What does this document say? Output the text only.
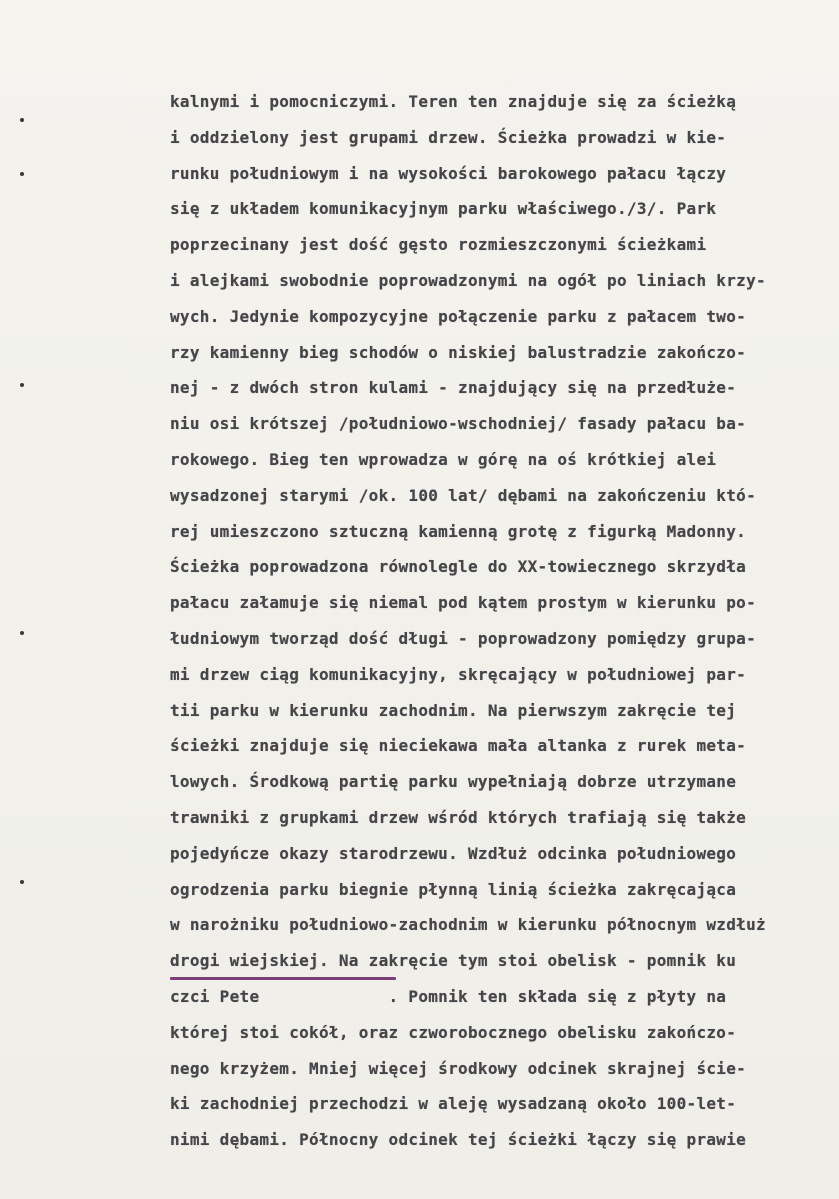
kalnymi i pomocniczymi. Teren ten znajduje się za ścieżką
i oddzielony jest grupami drzew. Ścieżka prowadzi w kie-
runku południowym i na wysokości barokowego pałacu łączy
się z układem komunikacyjnym parku właściwego./3/. Park
poprzecinany jest dość gęsto rozmieszczonymi ścieżkami
i alejkami swobodnie poprowadzonymi na ogół po liniach krzy-
wych. Jedynie kompozycyjne połączenie parku z pałacem two-
rzy kamienny bieg schodów o niskiej balustradzie zakończo-
nej - z dwóch stron kulami - znajdujący się na przedłuże-
niu osi krótszej /południowo-wschodniej/ fasady pałacu ba-
rokowego. Bieg ten wprowadza w górę na oś krótkiej alei
wysadzonej starymi /ok. 100 lat/ dębami na zakończeniu któ-
rej umieszczono sztuczną kamienną grotę z figurką Madonny.
Ścieżka poprowadzona równolegle do XX-towiecznego skrzydła
pałacu załamuje się niemal pod kątem prostym w kierunku po-
łudniowym tworząd dość długi - poprowadzony pomiędzy grupa-
mi drzew ciąg komunikacyjny, skręcający w południowej par-
tii parku w kierunku zachodnim. Na pierwszym zakręcie tej
ścieżki znajduje się nieciekawa mała altanka z rurek meta-
lowych. Środkową partię parku wypełniają dobrze utrzymane
trawniki z grupkami drzew wśród których trafiają się także
pojedyńcze okazy starodrzewu. Wzdłuż odcinka południowego
ogrodzenia parku biegnie płynną linią ścieżka zakręcająca
w narożniku południowo-zachodnim w kierunku północnym wzdłuż
drogi wiejskiej. Na zakręcie tym stoi obelisk - pomnik ku
czci Pete             . Pomnik ten składa się z płyty na
której stoi cokół, oraz czworobocznego obelisku zakończo-
nego krzyżem. Mniej więcej środkowy odcinek skrajnej ście-
ki zachodniej przechodzi w aleję wysadzaną około 100-let-
nimi dębami. Północny odcinek tej ścieżki łączy się prawie
